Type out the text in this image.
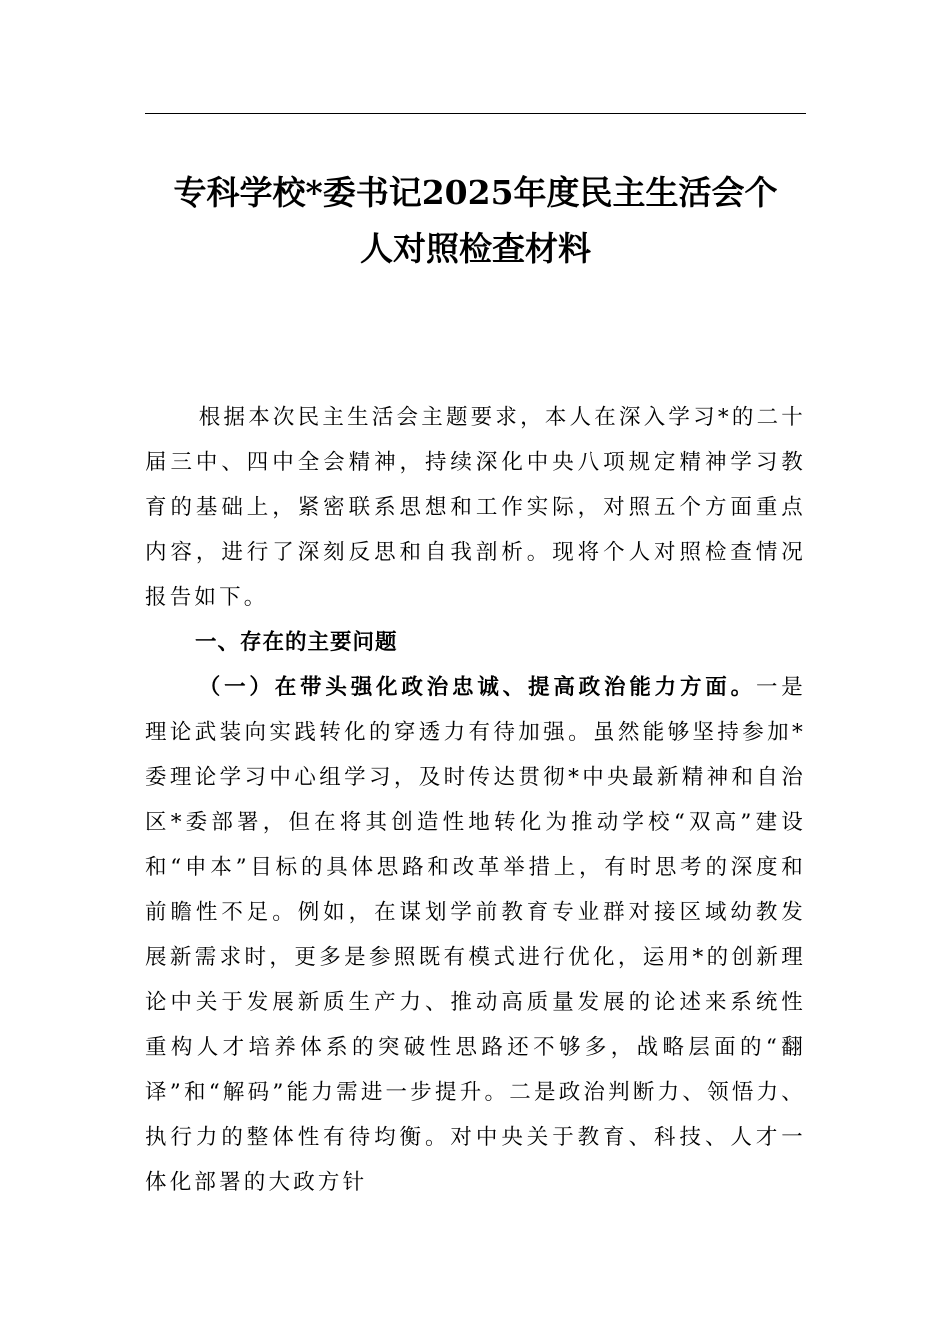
专科学校*委书记2025年度民主生活会个
人对照检查材料

根据本次民主生活会主题要求，本人在深入学习*的二十届三中、四中全会精神，持续深化中央八项规定精神学习教育的基础上，紧密联系思想和工作实际，对照五个方面重点内容，进行了深刻反思和自我剖析。现将个人对照检查情况报告如下。

一、存在的主要问题

（一）在带头强化政治忠诚、提高政治能力方面。一是理论武装向实践转化的穿透力有待加强。虽然能够坚持参加*委理论学习中心组学习，及时传达贯彻*中央最新精神和自治区*委部署，但在将其创造性地转化为推动学校“双高”建设和“申本”目标的具体思路和改革举措上，有时思考的深度和前瞻性不足。例如，在谋划学前教育专业群对接区域幼教发展新需求时，更多是参照既有模式进行优化，运用*的创新理论中关于发展新质生产力、推动高质量发展的论述来系统性重构人才培养体系的突破性思路还不够多，战略层面的“翻译”和“解码”能力需进一步提升。二是政治判断力、领悟力、执行力的整体性有待均衡。对中央关于教育、科技、人才一体化部署的大政方针
